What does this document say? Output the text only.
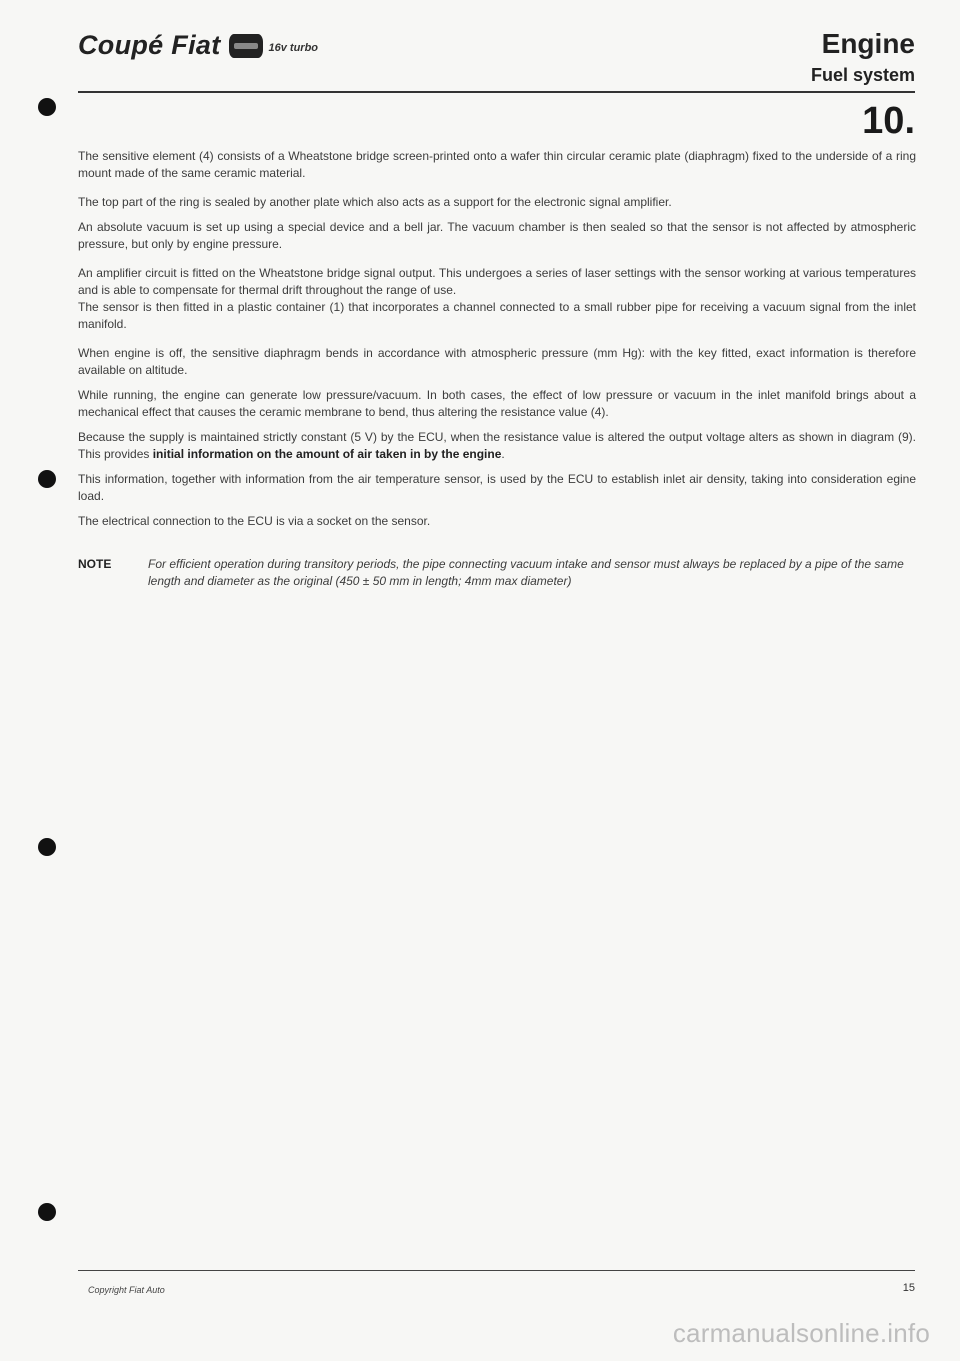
Coupé Fiat	16v turbo	Engine
Fuel system
10.

The sensitive element (4) consists of a Wheatstone bridge screen-printed onto a wafer thin circular ceramic plate (diaphragm) fixed to the underside of a ring mount made of the same ceramic material.

The top part of the ring is sealed by another plate which also acts as a support for the electronic signal amplifier.

An absolute vacuum is set up using a special device and a bell jar. The vacuum chamber is then sealed so that the sensor is not affected by atmospheric pressure, but only by engine pressure.

An amplifier circuit is fitted on the Wheatstone bridge signal output. This undergoes a series of laser settings with the sensor working at various temperatures and is able to compensate for thermal drift throughout the range of use.

The sensor is then fitted in a plastic container (1) that incorporates a channel connected to a small rubber pipe for receiving a vacuum signal from the inlet manifold.

When engine is off, the sensitive diaphragm bends in accordance with atmospheric pressure (mm Hg): with the key fitted, exact information is therefore available on altitude.

While running, the engine can generate low pressure/vacuum. In both cases, the effect of low pressure or vacuum in the inlet manifold brings about a mechanical effect that causes the ceramic membrane to bend, thus altering the resistance value (4).

Because the supply is maintained strictly constant (5 V) by the ECU, when the resistance value is altered the output voltage alters as shown in diagram (9). This provides initial information on the amount of air taken in by the engine.

This information, together with information from the air temperature sensor, is used by the ECU to establish inlet air density, taking into consideration egine load.

The electrical connection to the ECU is via a socket on the sensor.

NOTE	For efficient operation during transitory periods, the pipe connecting vacuum intake and sensor must always be replaced by a pipe of the same length and diameter as the original (450 ± 50 mm in length; 4mm max diameter)
Copyright Fiat Auto	15
carmanualsonline.info
